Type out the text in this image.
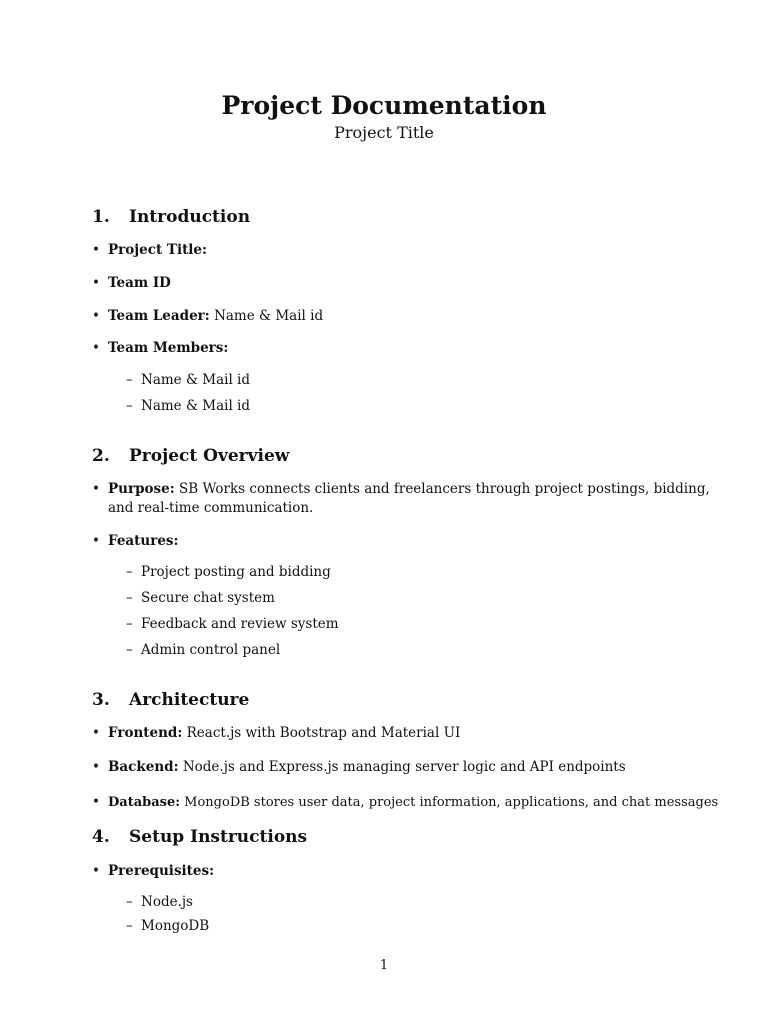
Project Documentation
Project Title
1. Introduction
• Project Title:
• Team ID
• Team Leader: Name & Mail id
• Team Members:
– Name & Mail id
– Name & Mail id
2. Project Overview
• Purpose: SB Works connects clients and freelancers through project postings, bidding, and real-time communication.
• Features:
– Project posting and bidding
– Secure chat system
– Feedback and review system
– Admin control panel
3. Architecture
• Frontend: React.js with Bootstrap and Material UI
• Backend: Node.js and Express.js managing server logic and API endpoints
• Database: MongoDB stores user data, project information, applications, and chat messages
4. Setup Instructions
• Prerequisites:
– Node.js
– MongoDB
1
